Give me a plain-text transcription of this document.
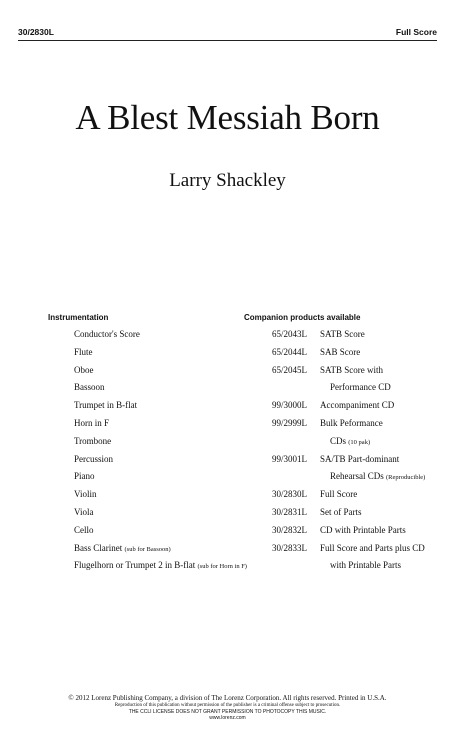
30/2830L	Full Score
A Blest Messiah Born
Larry Shackley
Instrumentation	Companion products available
Conductor's Score
Flute
Oboe
Bassoon
Trumpet in B-flat
Horn in F
Trombone
Percussion
Piano
Violin
Viola
Cello
Bass Clarinet (sub for Bassoon)
Flugelhorn or Trumpet 2 in B-flat (sub for Horn in F)
65/2043L SATB Score
65/2044L SAB Score
65/2045L SATB Score with
Performance CD
99/3000L Accompaniment CD
99/2999L Bulk Peformance
CDs (10 pak)
99/3001L SA/TB Part-dominant
Rehearsal CDs (Reproducible)
30/2830L Full Score
30/2831L Set of Parts
30/2832L CD with Printable Parts
30/2833L Full Score and Parts plus CD
with Printable Parts
© 2012 Lorenz Publishing Company, a division of The Lorenz Corporation. All rights reserved. Printed in U.S.A.
Reproduction of this publication without permission of the publisher is a criminal offense subject to prosecution.
THE CCLI LICENSE DOES NOT GRANT PERMISSION TO PHOTOCOPY THIS MUSIC.
www.lorenz.com
